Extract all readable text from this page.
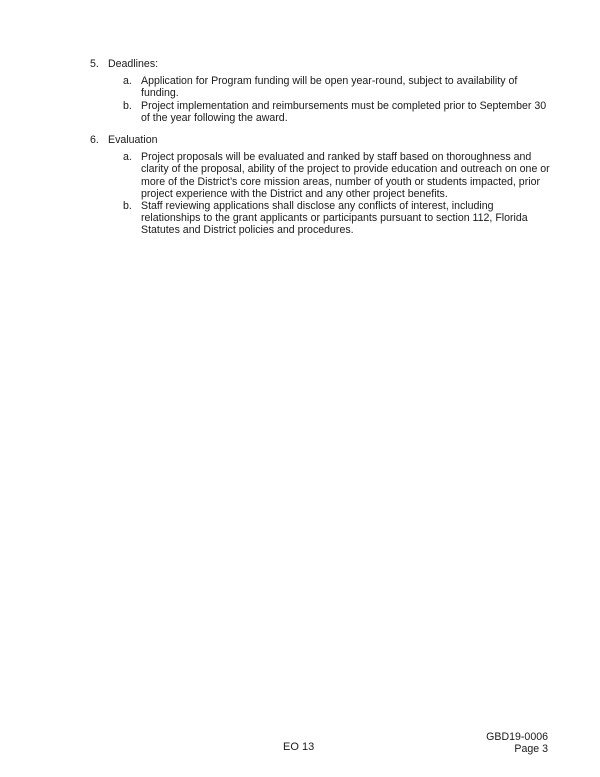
5. Deadlines:
a. Application for Program funding will be open year-round, subject to availability of funding.
b. Project implementation and reimbursements must be completed prior to September 30 of the year following the award.
6. Evaluation
a. Project proposals will be evaluated and ranked by staff based on thoroughness and clarity of the proposal, ability of the project to provide education and outreach on one or more of the District’s core mission areas, number of youth or students impacted, prior project experience with the District and any other project benefits.
b. Staff reviewing applications shall disclose any conflicts of interest, including relationships to the grant applicants or participants pursuant to section 112, Florida Statutes and District policies and procedures.
EO 13
GBD19-0006
Page 3
